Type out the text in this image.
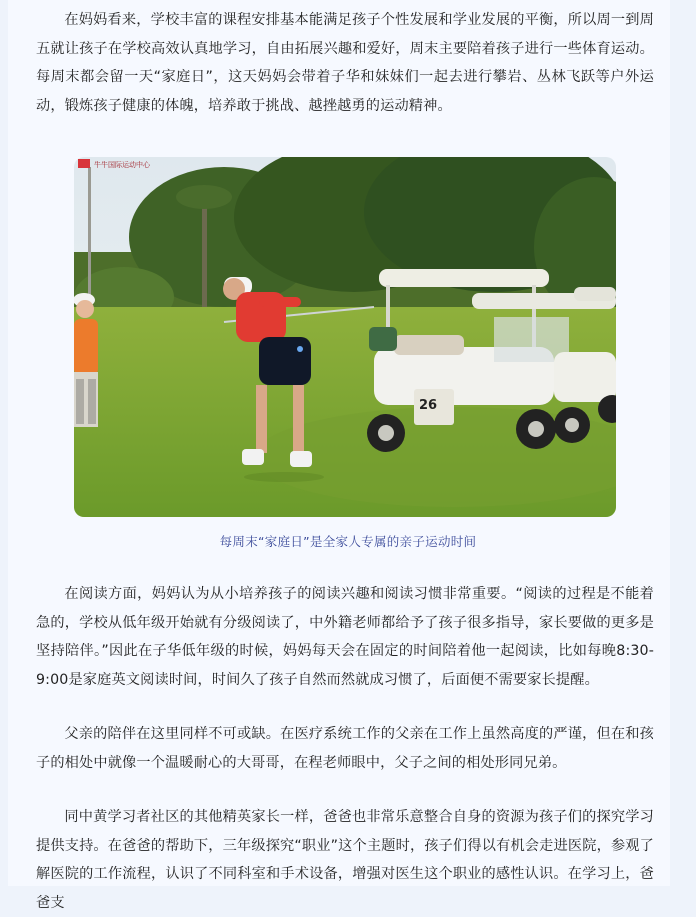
在妈妈看来，学校丰富的课程安排基本能满足孩子个性发展和学业发展的平衡，所以周一到周五就让孩子在学校高效认真地学习，自由拓展兴趣和爱好，周末主要陪着孩子进行一些体育运动。每周末都会留一天“家庭日”，这天妈妈会带着子华和妹妹们一起去进行攀岩、丛林飞跃等户外运动，锻炼孩子健康的体魄，培养敢于挑战、越挫越勇的运动精神。

牛牛国际运动中心
26
每周末“家庭日”是全家人专属的亲子运动时间

在阅读方面，妈妈认为从小培养孩子的阅读兴趣和阅读习惯非常重要。“阅读的过程是不能着急的，学校从低年级开始就有分级阅读了，中外籍老师都给予了孩子很多指导，家长要做的更多是坚持陪伴。”因此在子华低年级的时候，妈妈每天会在固定的时间陪着他一起阅读，比如每晚8:30-9:00是家庭英文阅读时间，时间久了孩子自然而然就成习惯了，后面便不需要家长提醒。

父亲的陪伴在这里同样不可或缺。在医疗系统工作的父亲在工作上虽然高度的严谨，但在和孩子的相处中就像一个温暖耐心的大哥哥，在程老师眼中，父子之间的相处形同兄弟。

同中黄学习者社区的其他精英家长一样，爸爸也非常乐意整合自身的资源为孩子们的探究学习提供支持。在爸爸的帮助下，三年级探究“职业”这个主题时，孩子们得以有机会走进医院，参观了解医院的工作流程，认识了不同科室和手术设备，增强对医生这个职业的感性认识。在学习上，爸爸支
